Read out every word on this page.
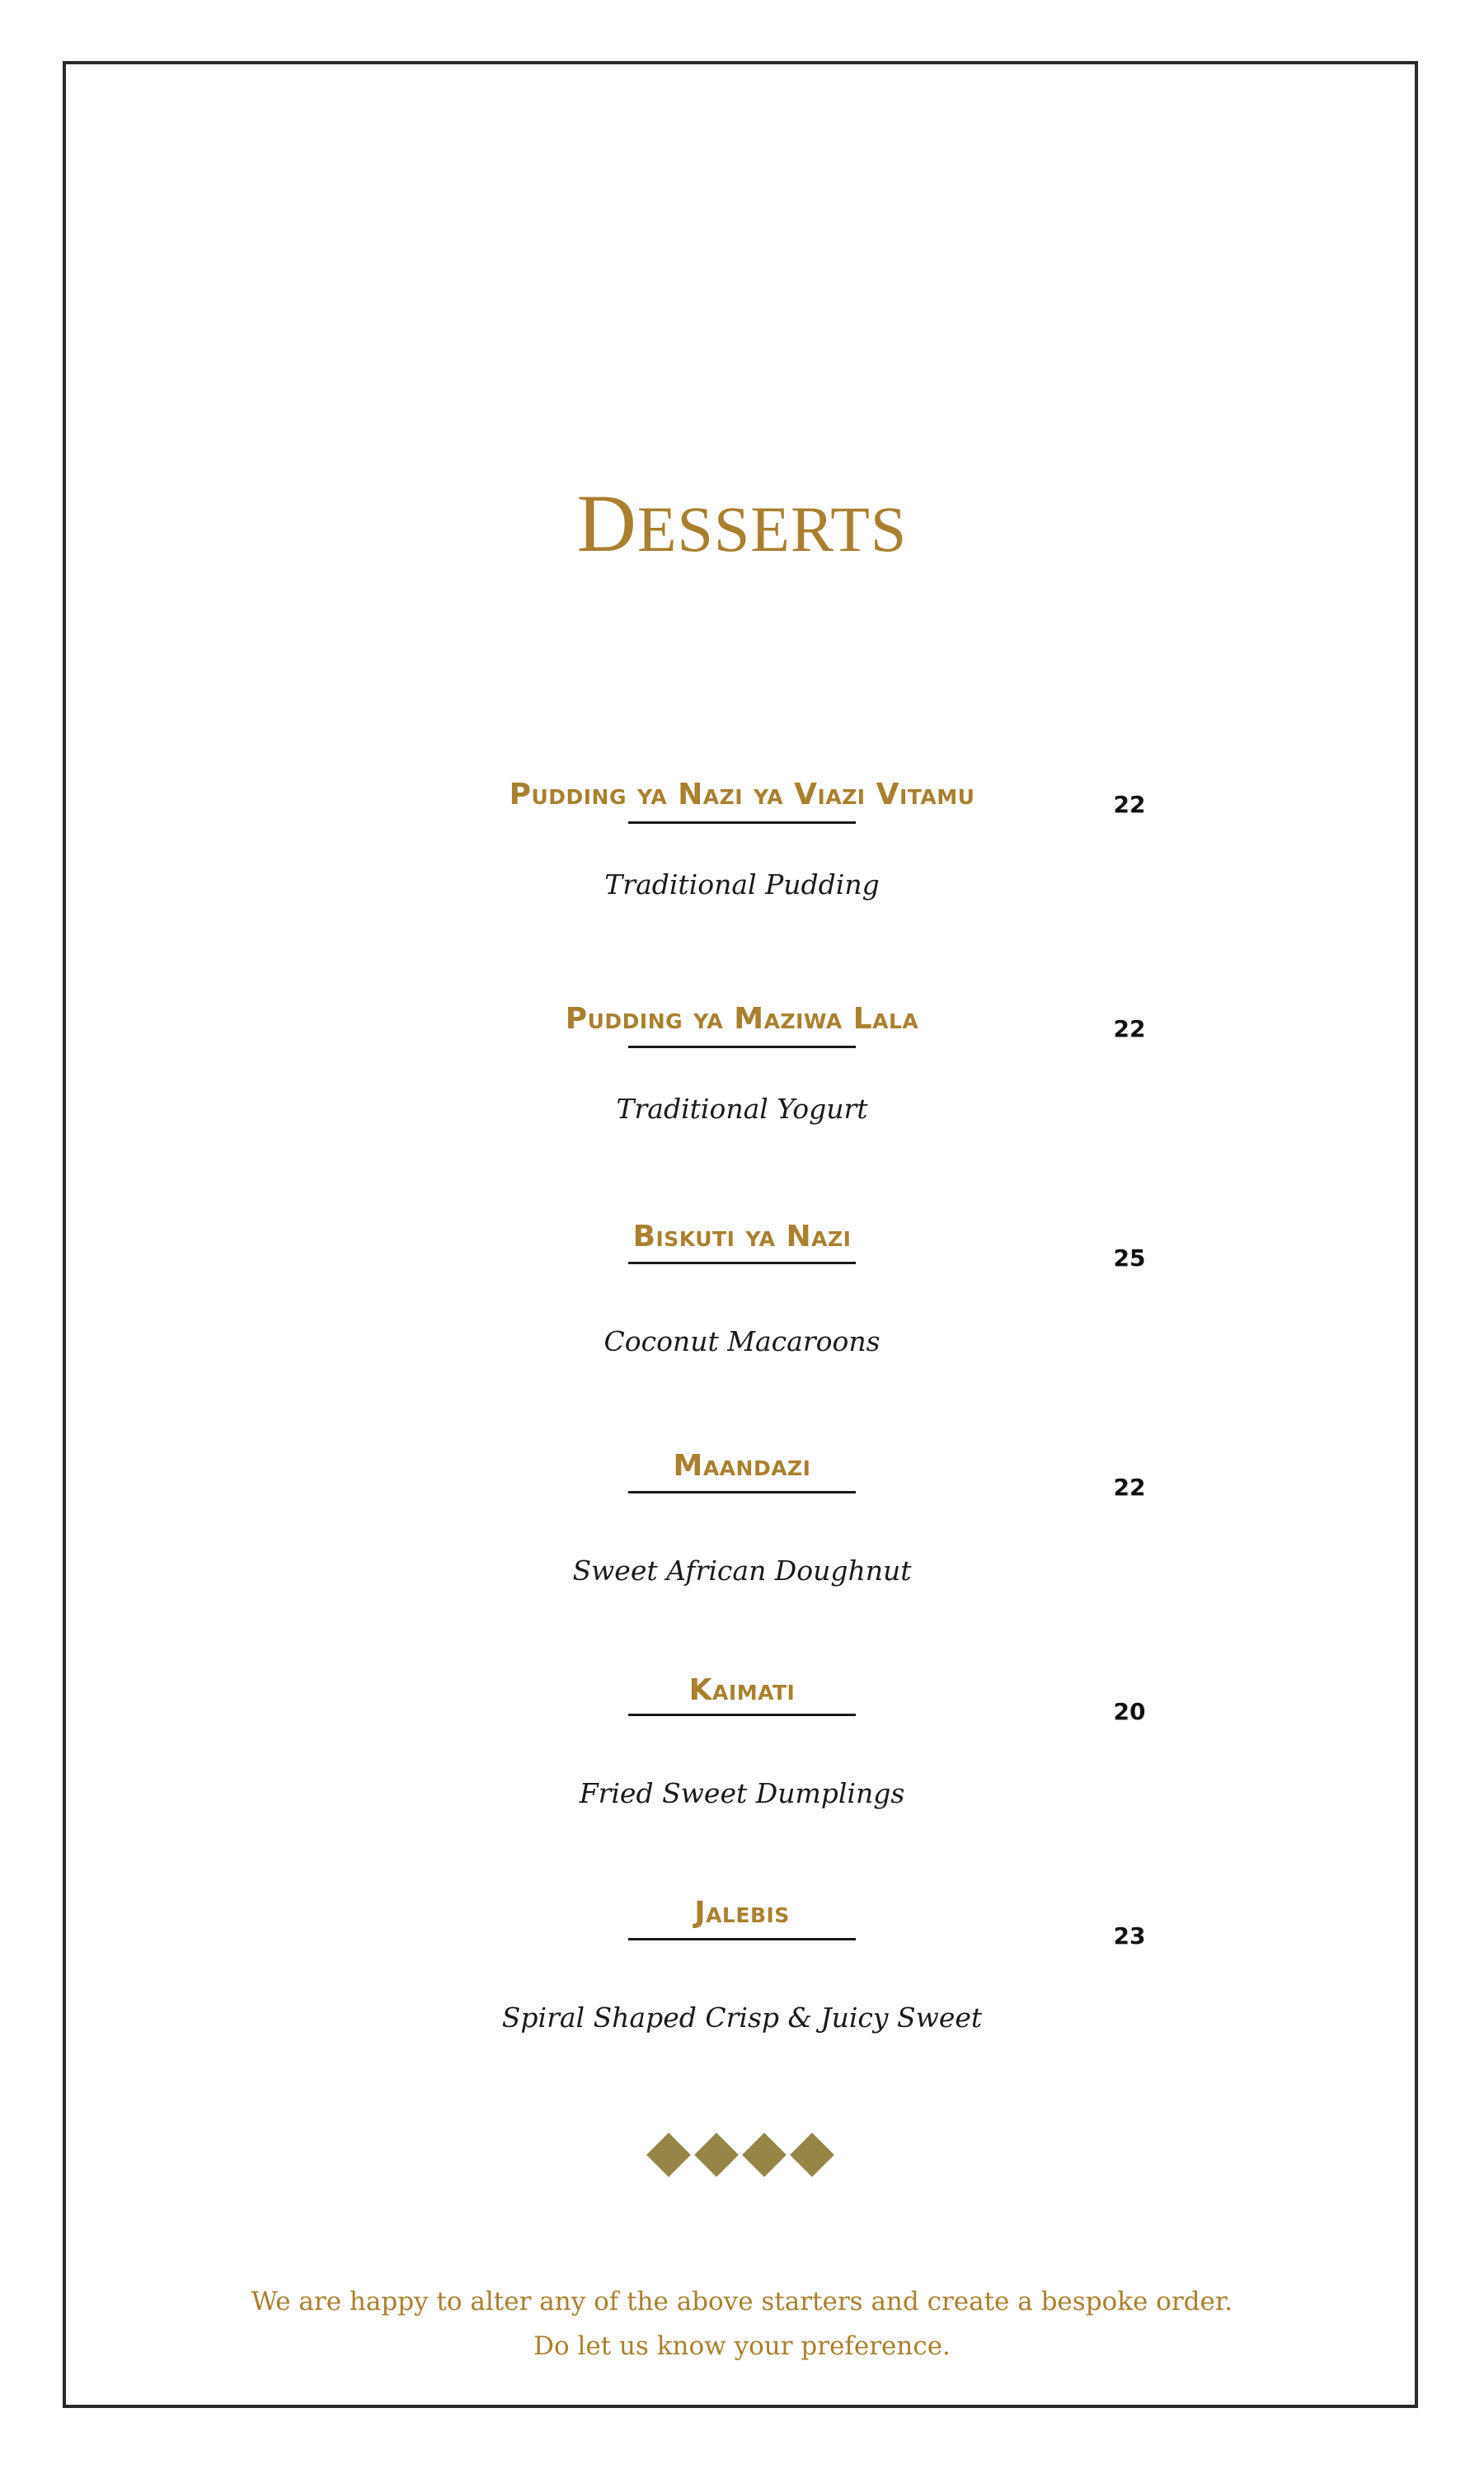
DESSERTS
Pudding ya Nazi ya Viazi Vitamu	22
Traditional Pudding
Pudding ya Maziwa Lala	22
Traditional Yogurt
Biskuti ya Nazi
25
Coconut Macaroons
Maandazi
22
Sweet African Doughnut
Kaimati
20
Fried Sweet Dumplings
Jalebis
23
Spiral Shaped Crisp & Juicy Sweet
We are happy to alter any of the above starters and create a bespoke order.
Do let us know your preference.
